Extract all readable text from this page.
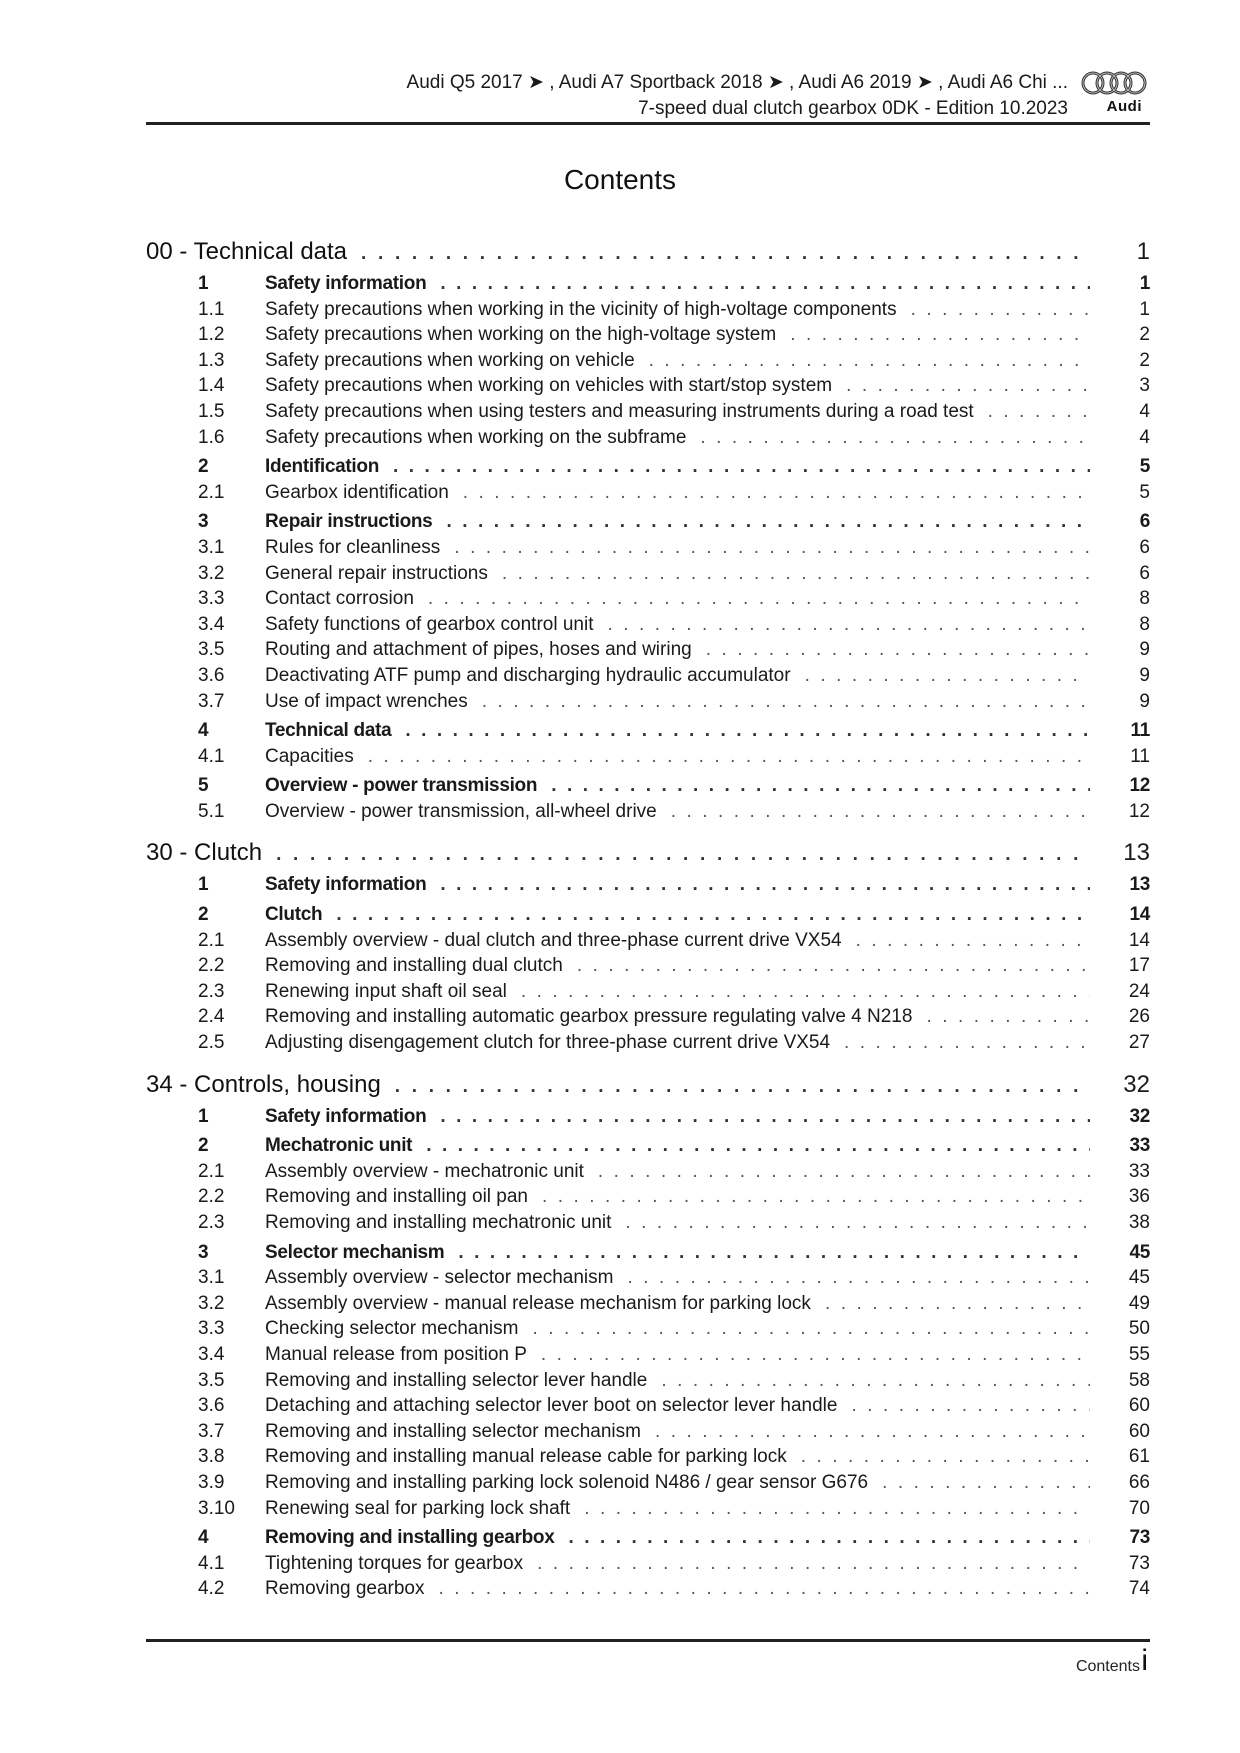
Audi Q5 2017 ➤ , Audi A7 Sportback 2018 ➤ , Audi A6 2019 ➤ , Audi A6 Chi ...
7-speed dual clutch gearbox 0DK - Edition 10.2023	Audi
Contents
00 - Technical data . . .	1
1	Safety information . . .	1
1.1	Safety precautions when working in the vicinity of high-voltage components . . .	1
1.2	Safety precautions when working on the high-voltage system . . .	2
1.3	Safety precautions when working on vehicle . . .	2
1.4	Safety precautions when working on vehicles with start/stop system . . .	3
1.5	Safety precautions when using testers and measuring instruments during a road test . . .	4
1.6	Safety precautions when working on the subframe . . .	4
2	Identification . . .	5
2.1	Gearbox identification . . .	5
3	Repair instructions . . .	6
3.1	Rules for cleanliness . . .	6
3.2	General repair instructions . . .	6
3.3	Contact corrosion . . .	8
3.4	Safety functions of gearbox control unit . . .	8
3.5	Routing and attachment of pipes, hoses and wiring . . .	9
3.6	Deactivating ATF pump and discharging hydraulic accumulator . . .	9
3.7	Use of impact wrenches . . .	9
4	Technical data . . .	11
4.1	Capacities . . .	11
5	Overview - power transmission . . .	12
5.1	Overview - power transmission, all-wheel drive . . .	12
30 - Clutch . . .	13
1	Safety information . . .	13
2	Clutch . . .	14
2.1	Assembly overview - dual clutch and three-phase current drive VX54 . . .	14
2.2	Removing and installing dual clutch . . .	17
2.3	Renewing input shaft oil seal . . .	24
2.4	Removing and installing automatic gearbox pressure regulating valve 4 N218 . . .	26
2.5	Adjusting disengagement clutch for three-phase current drive VX54 . . .	27
34 - Controls, housing . . .	32
1	Safety information . . .	32
2	Mechatronic unit . . .	33
2.1	Assembly overview - mechatronic unit . . .	33
2.2	Removing and installing oil pan . . .	36
2.3	Removing and installing mechatronic unit . . .	38
3	Selector mechanism . . .	45
3.1	Assembly overview - selector mechanism . . .	45
3.2	Assembly overview - manual release mechanism for parking lock . . .	49
3.3	Checking selector mechanism . . .	50
3.4	Manual release from position P . . .	55
3.5	Removing and installing selector lever handle . . .	58
3.6	Detaching and attaching selector lever boot on selector lever handle . . .	60
3.7	Removing and installing selector mechanism . . .	60
3.8	Removing and installing manual release cable for parking lock . . .	61
3.9	Removing and installing parking lock solenoid N486 / gear sensor G676 . . .	66
3.10	Renewing seal for parking lock shaft . . .	70
4	Removing and installing gearbox . . .	73
4.1	Tightening torques for gearbox . . .	73
4.2	Removing gearbox . . .	74
Contents i
